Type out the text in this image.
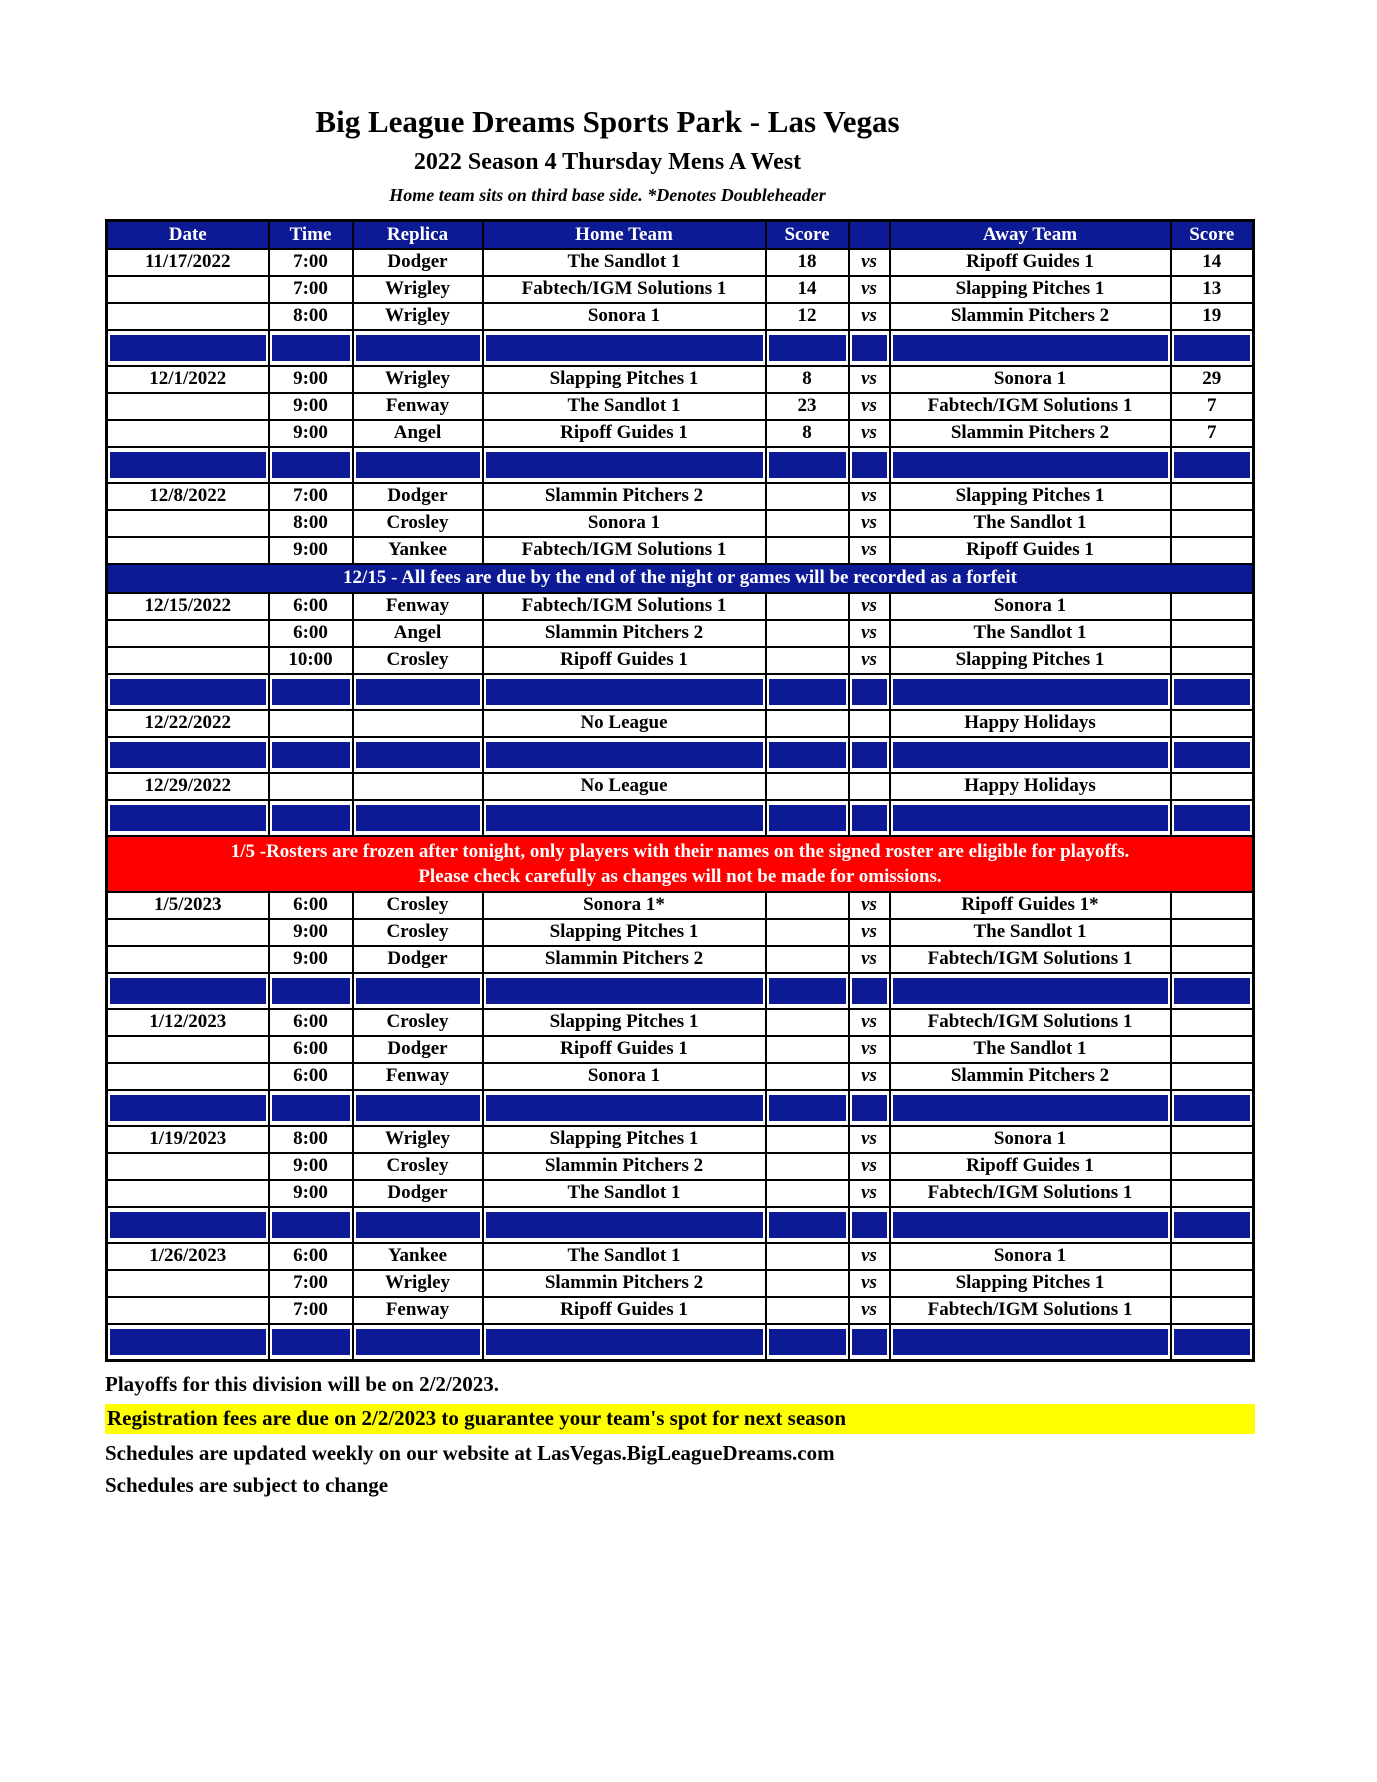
Big League Dreams Sports Park - Las Vegas
2022 Season 4 Thursday Mens A West
Home team sits on third base side. *Denotes Doubleheader
Date	Time	Replica	Home Team	Score		Away Team	Score
11/17/2022	7:00	Dodger	The Sandlot 1	18	vs	Ripoff Guides 1	14
	7:00	Wrigley	Fabtech/IGM Solutions 1	14	vs	Slapping Pitches 1	13
	8:00	Wrigley	Sonora 1	12	vs	Slammin Pitchers 2	19

12/1/2022	9:00	Wrigley	Slapping Pitches 1	8	vs	Sonora 1	29
	9:00	Fenway	The Sandlot 1	23	vs	Fabtech/IGM Solutions 1	7
	9:00	Angel	Ripoff Guides 1	8	vs	Slammin Pitchers 2	7

12/8/2022	7:00	Dodger	Slammin Pitchers 2		vs	Slapping Pitches 1	
	8:00	Crosley	Sonora 1		vs	The Sandlot 1	
	9:00	Yankee	Fabtech/IGM Solutions 1		vs	Ripoff Guides 1	
12/15 - All fees are due by the end of the night or games will be recorded as a forfeit							
12/15/2022	6:00	Fenway	Fabtech/IGM Solutions 1		vs	Sonora 1	
	6:00	Angel	Slammin Pitchers 2		vs	The Sandlot 1	
	10:00	Crosley	Ripoff Guides 1		vs	Slapping Pitches 1	

12/22/2022			No League			Happy Holidays	

12/29/2022			No League			Happy Holidays	

1/5 -Rosters are frozen after tonight, only players with their names on the signed roster are eligible for playoffs.
Please check carefully as changes will not be made for omissions.							

1/5/2023	6:00	Crosley	Sonora 1*		vs	Ripoff Guides 1*	
	9:00	Crosley	Slapping Pitches 1		vs	The Sandlot 1	
	9:00	Dodger	Slammin Pitchers 2		vs	Fabtech/IGM Solutions 1	

1/12/2023	6:00	Crosley	Slapping Pitches 1		vs	Fabtech/IGM Solutions 1	
	6:00	Dodger	Ripoff Guides 1		vs	The Sandlot 1	
	6:00	Fenway	Sonora 1		vs	Slammin Pitchers 2	

1/19/2023	8:00	Wrigley	Slapping Pitches 1		vs	Sonora 1	
	9:00	Crosley	Slammin Pitchers 2		vs	Ripoff Guides 1	
	9:00	Dodger	The Sandlot 1		vs	Fabtech/IGM Solutions 1	

1/26/2023	6:00	Yankee	The Sandlot 1		vs	Sonora 1	
	7:00	Wrigley	Slammin Pitchers 2		vs	Slapping Pitches 1	
	7:00	Fenway	Ripoff Guides 1		vs	Fabtech/IGM Solutions 1	

Playoffs for this division will be on 2/2/2023.
Registration fees are due on 2/2/2023 to guarantee your team's spot for next season
Schedules are updated weekly on our website at LasVegas.BigLeagueDreams.com
Schedules are subject to change
